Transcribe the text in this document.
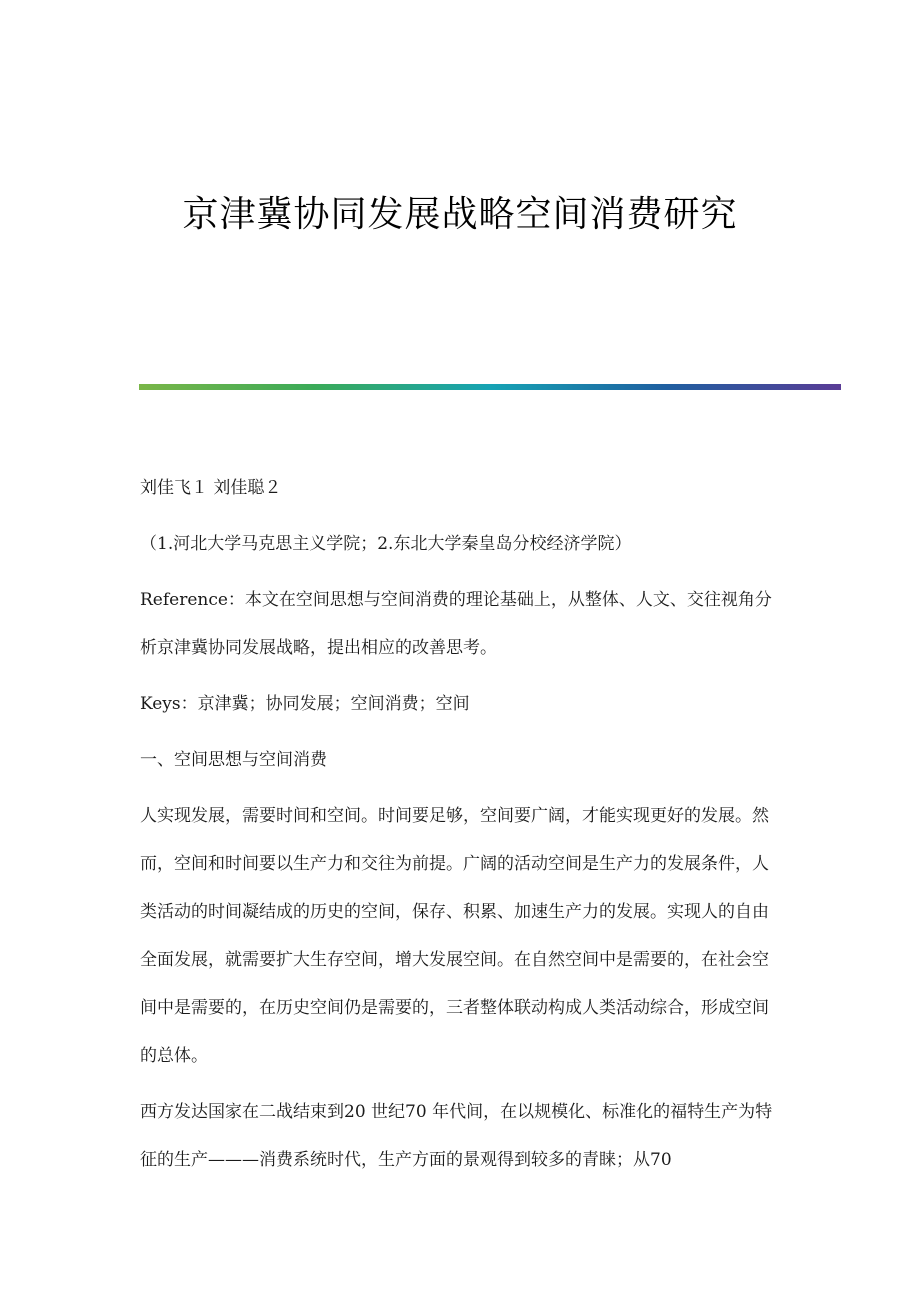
京津冀协同发展战略空间消费研究

刘佳飞１ 刘佳聪２

（1.河北大学马克思主义学院；2.东北大学秦皇岛分校经济学院）

Reference：本文在空间思想与空间消费的理论基础上，从整体、人文、交往视角分析京津冀协同发展战略，提出相应的改善思考。

Keys：京津冀；协同发展；空间消费；空间

一、空间思想与空间消费

人实现发展，需要时间和空间。时间要足够，空间要广阔，才能实现更好的发展。然而，空间和时间要以生产力和交往为前提。广阔的活动空间是生产力的发展条件，人类活动的时间凝结成的历史的空间，保存、积累、加速生产力的发展。实现人的自由全面发展，就需要扩大生存空间，增大发展空间。在自然空间中是需要的，在社会空间中是需要的，在历史空间仍是需要的，三者整体联动构成人类活动综合，形成空间的总体。

西方发达国家在二战结束到20 世纪70 年代间，在以规模化、标准化的福特生产为特征的生产———消费系统时代，生产方面的景观得到较多的青睐；从70
